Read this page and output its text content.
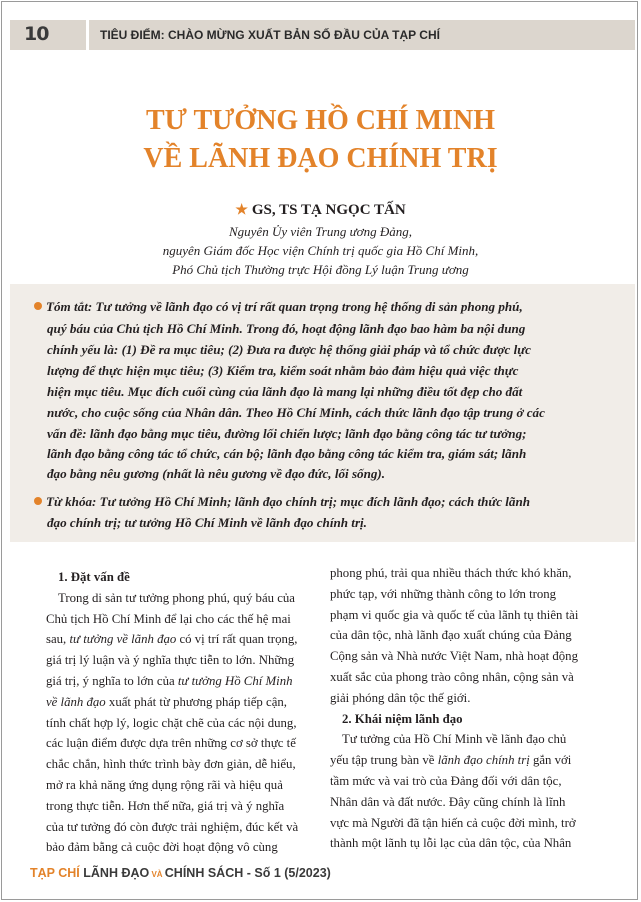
10	TIÊU ĐIỂM: CHÀO MỪNG XUẤT BẢN SỐ ĐẦU CỦA TẠP CHÍ
TƯ TƯỞNG HỒ CHÍ MINH
VỀ LÃNH ĐẠO CHÍNH TRỊ
★ GS, TS TẠ NGỌC TẤN
Nguyên Ủy viên Trung ương Đảng,
nguyên Giám đốc Học viện Chính trị quốc gia Hồ Chí Minh,
Phó Chủ tịch Thường trực Hội đồng Lý luận Trung ương
Tóm tắt: Tư tưởng về lãnh đạo có vị trí rất quan trọng trong hệ thống di sản phong phú,
quý báu của Chủ tịch Hồ Chí Minh. Trong đó, hoạt động lãnh đạo bao hàm ba nội dung
chính yếu là: (1) Đề ra mục tiêu; (2) Đưa ra được hệ thống giải pháp và tổ chức được lực
lượng để thực hiện mục tiêu; (3) Kiểm tra, kiểm soát nhằm bảo đảm hiệu quả việc thực
hiện mục tiêu. Mục đích cuối cùng của lãnh đạo là mang lại những điều tốt đẹp cho đất
nước, cho cuộc sống của Nhân dân. Theo Hồ Chí Minh, cách thức lãnh đạo tập trung ở các
vấn đề: lãnh đạo bằng mục tiêu, đường lối chiến lược; lãnh đạo bằng công tác tư tưởng;
lãnh đạo bằng công tác tổ chức, cán bộ; lãnh đạo bằng công tác kiểm tra, giám sát; lãnh
đạo bằng nêu gương (nhất là nêu gương về đạo đức, lối sống).
Từ khóa: Tư tưởng Hồ Chí Minh; lãnh đạo chính trị; mục đích lãnh đạo; cách thức lãnh
đạo chính trị; tư tưởng Hồ Chí Minh về lãnh đạo chính trị.
1. Đặt vấn đề
Trong di sản tư tưởng phong phú, quý báu của
Chủ tịch Hồ Chí Minh để lại cho các thế hệ mai
sau, tư tưởng về lãnh đạo có vị trí rất quan trọng,
giá trị lý luận và ý nghĩa thực tiễn to lớn. Những
giá trị, ý nghĩa to lớn của tư tưởng Hồ Chí Minh
về lãnh đạo xuất phát từ phương pháp tiếp cận,
tính chất hợp lý, logic chặt chẽ của các nội dung,
các luận điểm được dựa trên những cơ sở thực tế
chắc chắn, hình thức trình bày đơn giản, dễ hiểu,
mở ra khả năng ứng dụng rộng rãi và hiệu quả
trong thực tiễn. Hơn thế nữa, giá trị và ý nghĩa
của tư tưởng đó còn được trải nghiệm, đúc kết và
bảo đảm bằng cả cuộc đời hoạt động vô cùng
phong phú, trải qua nhiều thách thức khó khăn,
phức tạp, với những thành công to lớn trong
phạm vi quốc gia và quốc tế của lãnh tụ thiên tài
của dân tộc, nhà lãnh đạo xuất chúng của Đảng
Cộng sản và Nhà nước Việt Nam, nhà hoạt động
xuất sắc của phong trào công nhân, cộng sản và
giải phóng dân tộc thế giới.
2. Khái niệm lãnh đạo
Tư tưởng của Hồ Chí Minh về lãnh đạo chủ
yếu tập trung bàn về lãnh đạo chính trị gắn với
tầm mức và vai trò của Đảng đối với dân tộc,
Nhân dân và đất nước. Đây cũng chính là lĩnh
vực mà Người đã tận hiến cả cuộc đời mình, trở
thành một lãnh tụ lỗi lạc của dân tộc, của Nhân
TẠP CHÍ LÃNH ĐẠO VÀ CHÍNH SÁCH - Số 1 (5/2023)
